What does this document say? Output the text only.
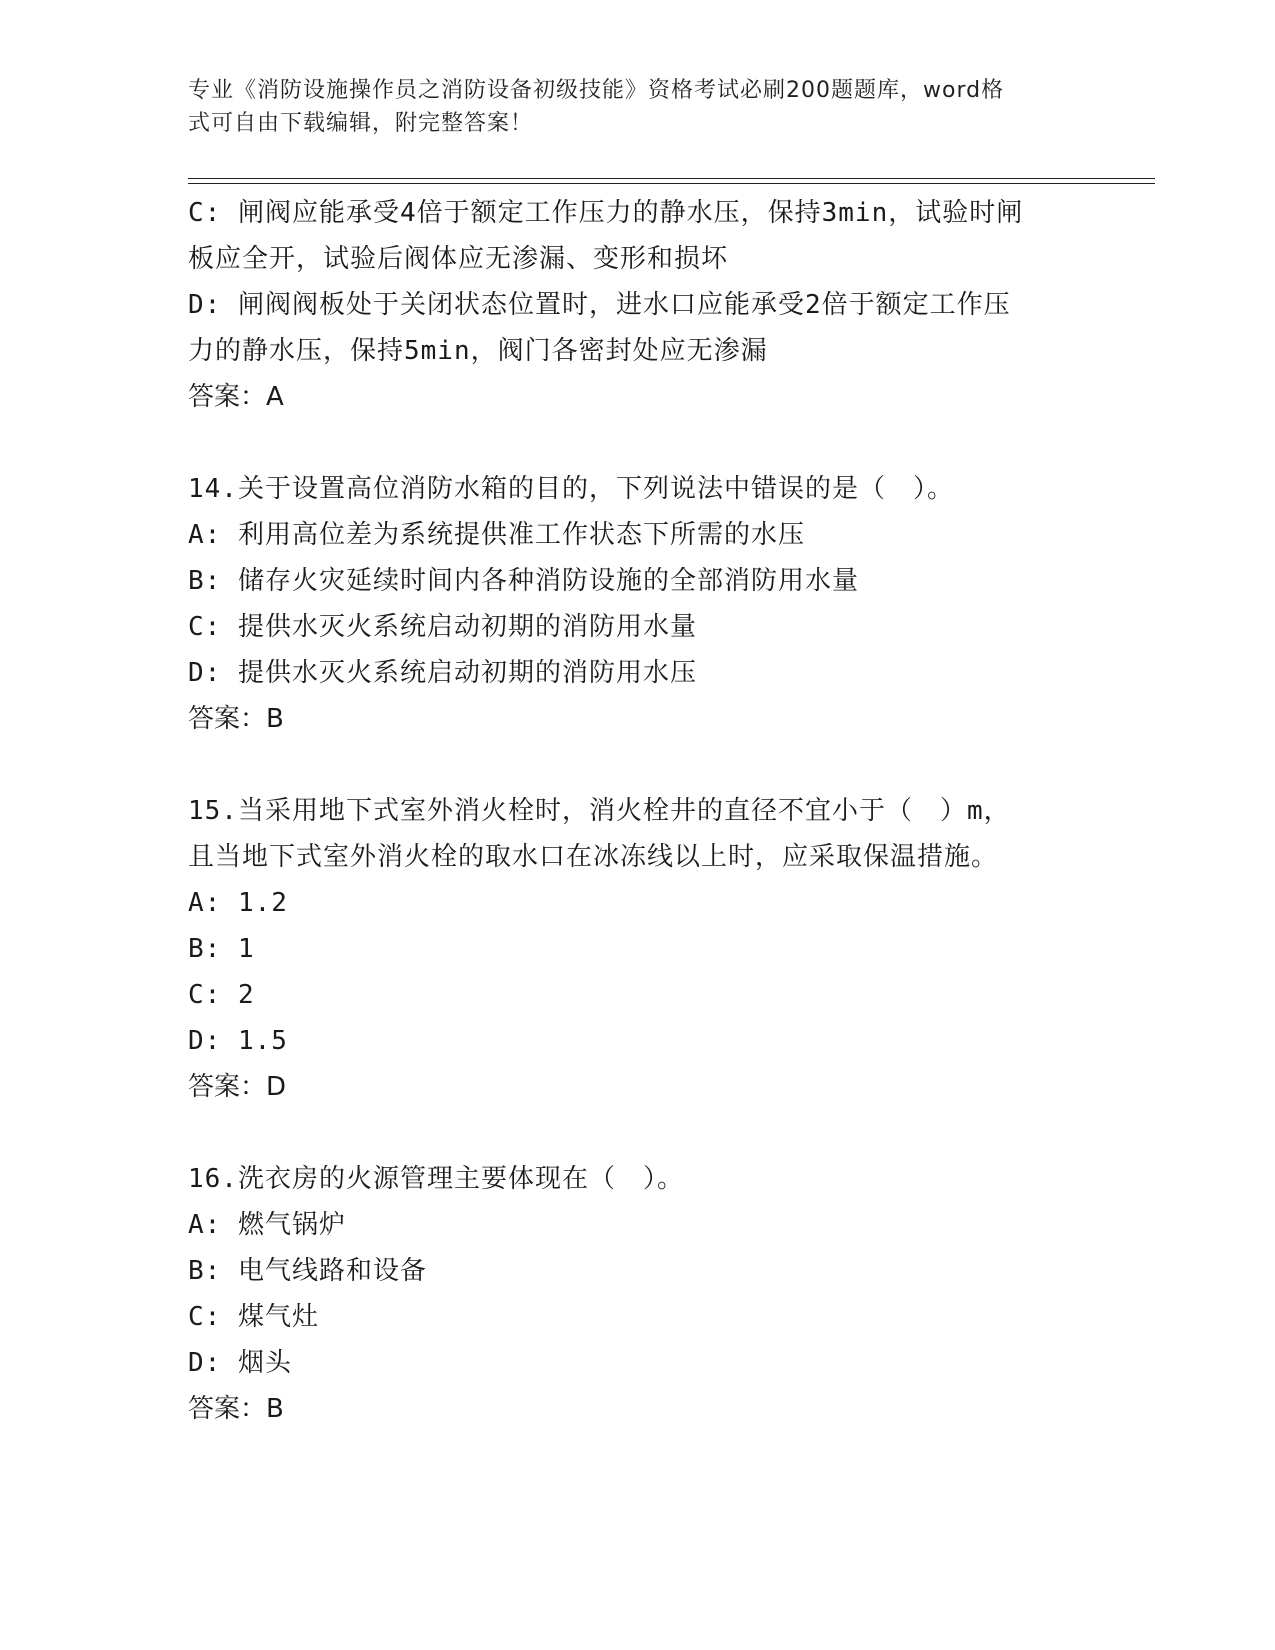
专业《消防设施操作员之消防设备初级技能》资格考试必刷200题题库，word格
式可自由下载编辑，附完整答案！
C: 闸阀应能承受4倍于额定工作压力的静水压，保持3min，试验时闸
板应全开，试验后阀体应无渗漏、变形和损坏
D: 闸阀阀板处于关闭状态位置时，进水口应能承受2倍于额定工作压
力的静水压，保持5min，阀门各密封处应无渗漏
答案：A
14.关于设置高位消防水箱的目的，下列说法中错误的是（　）。
A: 利用高位差为系统提供准工作状态下所需的水压
B: 储存火灾延续时间内各种消防设施的全部消防用水量
C: 提供水灭火系统启动初期的消防用水量
D: 提供水灭火系统启动初期的消防用水压
答案：B
15.当采用地下式室外消火栓时，消火栓井的直径不宜小于（　）m，
且当地下式室外消火栓的取水口在冰冻线以上时，应采取保温措施。
A: 1.2
B: 1
C: 2
D: 1.5
答案：D
16.洗衣房的火源管理主要体现在（　）。
A: 燃气锅炉
B: 电气线路和设备
C: 煤气灶
D: 烟头
答案：B
